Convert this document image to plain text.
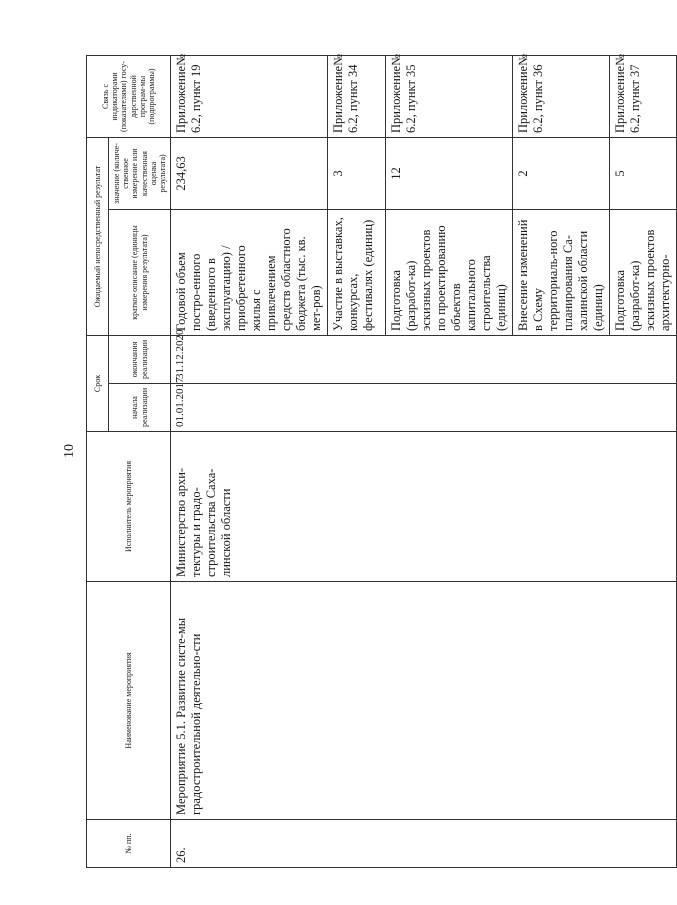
10
№ пп.	Наименование мероприятия	Исполнитель мероприятия	Срок		Ожидаемый непосредственный результат		Связь с индикаторами (показателями) госу-дарственной програм-мы (подпрограммы)
			начала реализации	окончания реализации	краткое описание (единицы измерения результата)	значение (количе-ственное измерение или качественная оценка результата)	
26.	Мероприятие 5.1. Развитие систе-мы градостроительной деятельно-сти	Министерство архи-тектуры и градо-строительства Саха-линской области	01.01.2017	31.12.2020	Годовой объем постро-енного (введенного в эксплуатацию) /приобретенного жилья с привлечением средств областного бюджета (тыс. кв. мет-ров)	234,63	Приложение№ 6.2, пункт 19
					Участие в выставках, конкурсах, фестивалях (единиц)	3	Приложение№ 6.2, пункт 34
					Подготовка (разработ-ка) эскизных проектов по проектированию объектов капитального строительства (единиц)	12	Приложение№ 6.2, пункт 35
					Внесение изменений в Схему территориаль-ного планирования Са-халинской области (единиц)	2	Приложение№ 6.2, пункт 36
					Подготовка (разработ-ка) эскизных проектов архитектурно-	5	Приложение№ 6.2, пункт 37
